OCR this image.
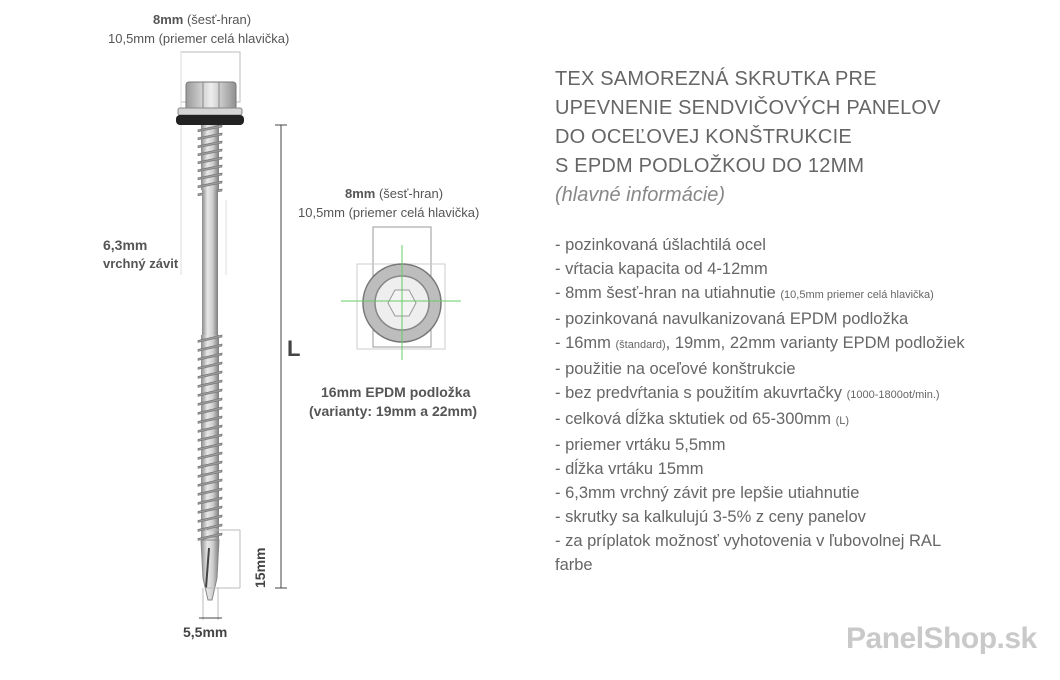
8mm (šesť-hran)
10,5mm (priemer celá hlavička)
6,3mm
vrchný závit
L
15mm
5,5mm
8mm (šesť-hran)
10,5mm (priemer celá hlavička)
16mm EPDM podložka
(varianty: 19mm a 22mm)
TEX SAMOREZNÁ SKRUTKA PRE
UPEVNENIE SENDVIČOVÝCH PANELOV
DO OCEĽOVEJ KONŠTRUKCIE
S EPDM PODLOŽKOU DO 12MM
(hlavné informácie)
- pozinkovaná úšlachtilá ocel
- vŕtacia kapacita od 4-12mm
- 8mm šesť-hran na utiahnutie (10,5mm priemer celá hlavička)
- pozinkovaná navulkanizovaná EPDM podložka
- 16mm (štandard), 19mm, 22mm varianty EPDM podložiek
- použitie na oceľové konštrukcie
- bez predvŕtania s použitím akuvrtačky (1000-1800ot/min.)
- celková dĺžka sktutiek od 65-300mm (L)
- priemer vrtáku 5,5mm
- dĺžka vrtáku 15mm
- 6,3mm vrchný závit pre lepšie utiahnutie
- skrutky sa kalkulujú 3-5% z ceny panelov
- za príplatok možnosť vyhotovenia v ľubovolnej RAL
farbe
PanelShop.sk
